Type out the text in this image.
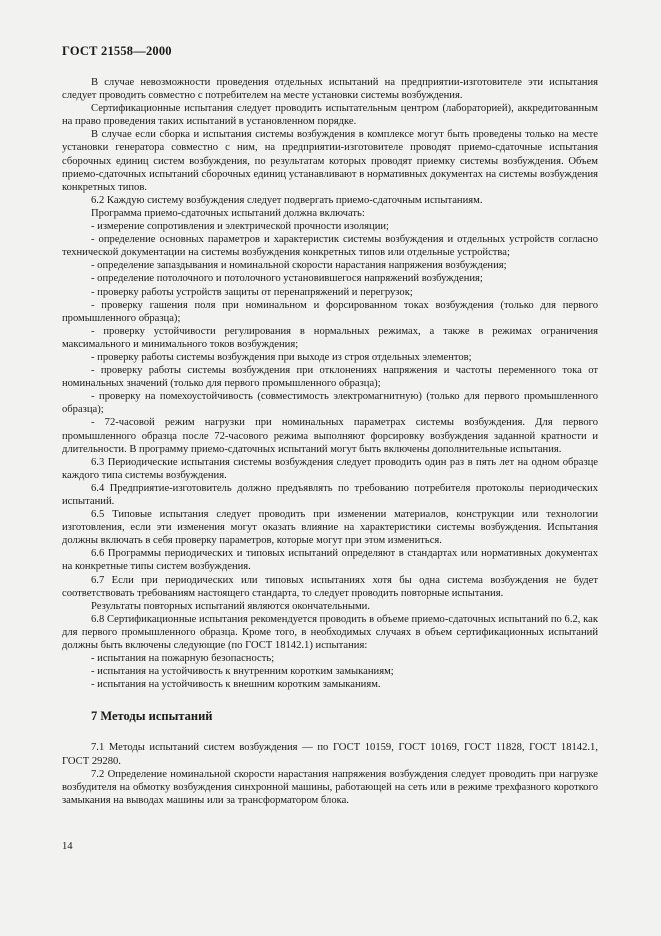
ГОСТ 21558—2000

В случае невозможности проведения отдельных испытаний на предприятии-изготовителе эти испытания следует проводить совместно с потребителем на месте установки системы возбуждения.

Сертификационные испытания следует проводить испытательным центром (лабораторией), аккредитованным на право проведения таких испытаний в установленном порядке.

В случае если сборка и испытания системы возбуждения в комплексе могут быть проведены только на месте установки генератора совместно с ним, на предприятии-изготовителе проводят приемо-сдаточные испытания сборочных единиц систем возбуждения, по результатам которых проводят приемку системы возбуждения. Объем приемо-сдаточных испытаний сборочных единиц устанавливают в нормативных документах на системы возбуждения конкретных типов.

6.2 Каждую систему возбуждения следует подвергать приемо-сдаточным испытаниям.

Программа приемо-сдаточных испытаний должна включать:

- измерение сопротивления и электрической прочности изоляции;

- определение основных параметров и характеристик системы возбуждения и отдельных устройств согласно технической документации на системы возбуждения конкретных типов или отдельные устройства;

- определение запаздывания и номинальной скорости нарастания напряжения возбуждения;

- определение потолочного и потолочного установившегося напряжений возбуждения;

- проверку работы устройств защиты от перенапряжений и перегрузок;

- проверку гашения поля при номинальном и форсированном токах возбуждения (только для первого промышленного образца);

- проверку устойчивости регулирования в нормальных режимах, а также в режимах ограничения максимального и минимального токов возбуждения;

- проверку работы системы возбуждения при выходе из строя отдельных элементов;

- проверку работы системы возбуждения при отклонениях напряжения и частоты переменного тока от номинальных значений (только для первого промышленного образца);

- проверку на помехоустойчивость (совместимость электромагнитную) (только для первого промышленного образца);

- 72-часовой режим нагрузки при номинальных параметрах системы возбуждения. Для первого промышленного образца после 72-часового режима выполняют форсировку возбуждения заданной кратности и длительности. В программу приемо-сдаточных испытаний могут быть включены дополнительные испытания.

6.3 Периодические испытания системы возбуждения следует проводить один раз в пять лет на одном образце каждого типа системы возбуждения.

6.4 Предприятие-изготовитель должно предъявлять по требованию потребителя протоколы периодических испытаний.

6.5 Типовые испытания следует проводить при изменении материалов, конструкции или технологии изготовления, если эти изменения могут оказать влияние на характеристики системы возбуждения. Испытания должны включать в себя проверку параметров, которые могут при этом измениться.

6.6 Программы периодических и типовых испытаний определяют в стандартах или нормативных документах на конкретные типы систем возбуждения.

6.7 Если при периодических или типовых испытаниях хотя бы одна система возбуждения не будет соответствовать требованиям настоящего стандарта, то следует проводить повторные испытания.

Результаты повторных испытаний являются окончательными.

6.8 Сертификационные испытания рекомендуется проводить в объеме приемо-сдаточных испытаний по 6.2, как для первого промышленного образца. Кроме того, в необходимых случаях в объем сертификационных испытаний должны быть включены следующие (по ГОСТ 18142.1) испытания:

- испытания на пожарную безопасность;

- испытания на устойчивость к внутренним коротким замыканиям;

- испытания на устойчивость к внешним коротким замыканиям.

7 Методы испытаний

7.1 Методы испытаний систем возбуждения — по ГОСТ 10159, ГОСТ 10169, ГОСТ 11828, ГОСТ 18142.1, ГОСТ 29280.

7.2 Определение номинальной скорости нарастания напряжения возбуждения следует проводить при нагрузке возбудителя на обмотку возбуждения синхронной машины, работающей на сеть или в режиме трехфазного короткого замыкания на выводах машины или за трансформатором блока.

14
